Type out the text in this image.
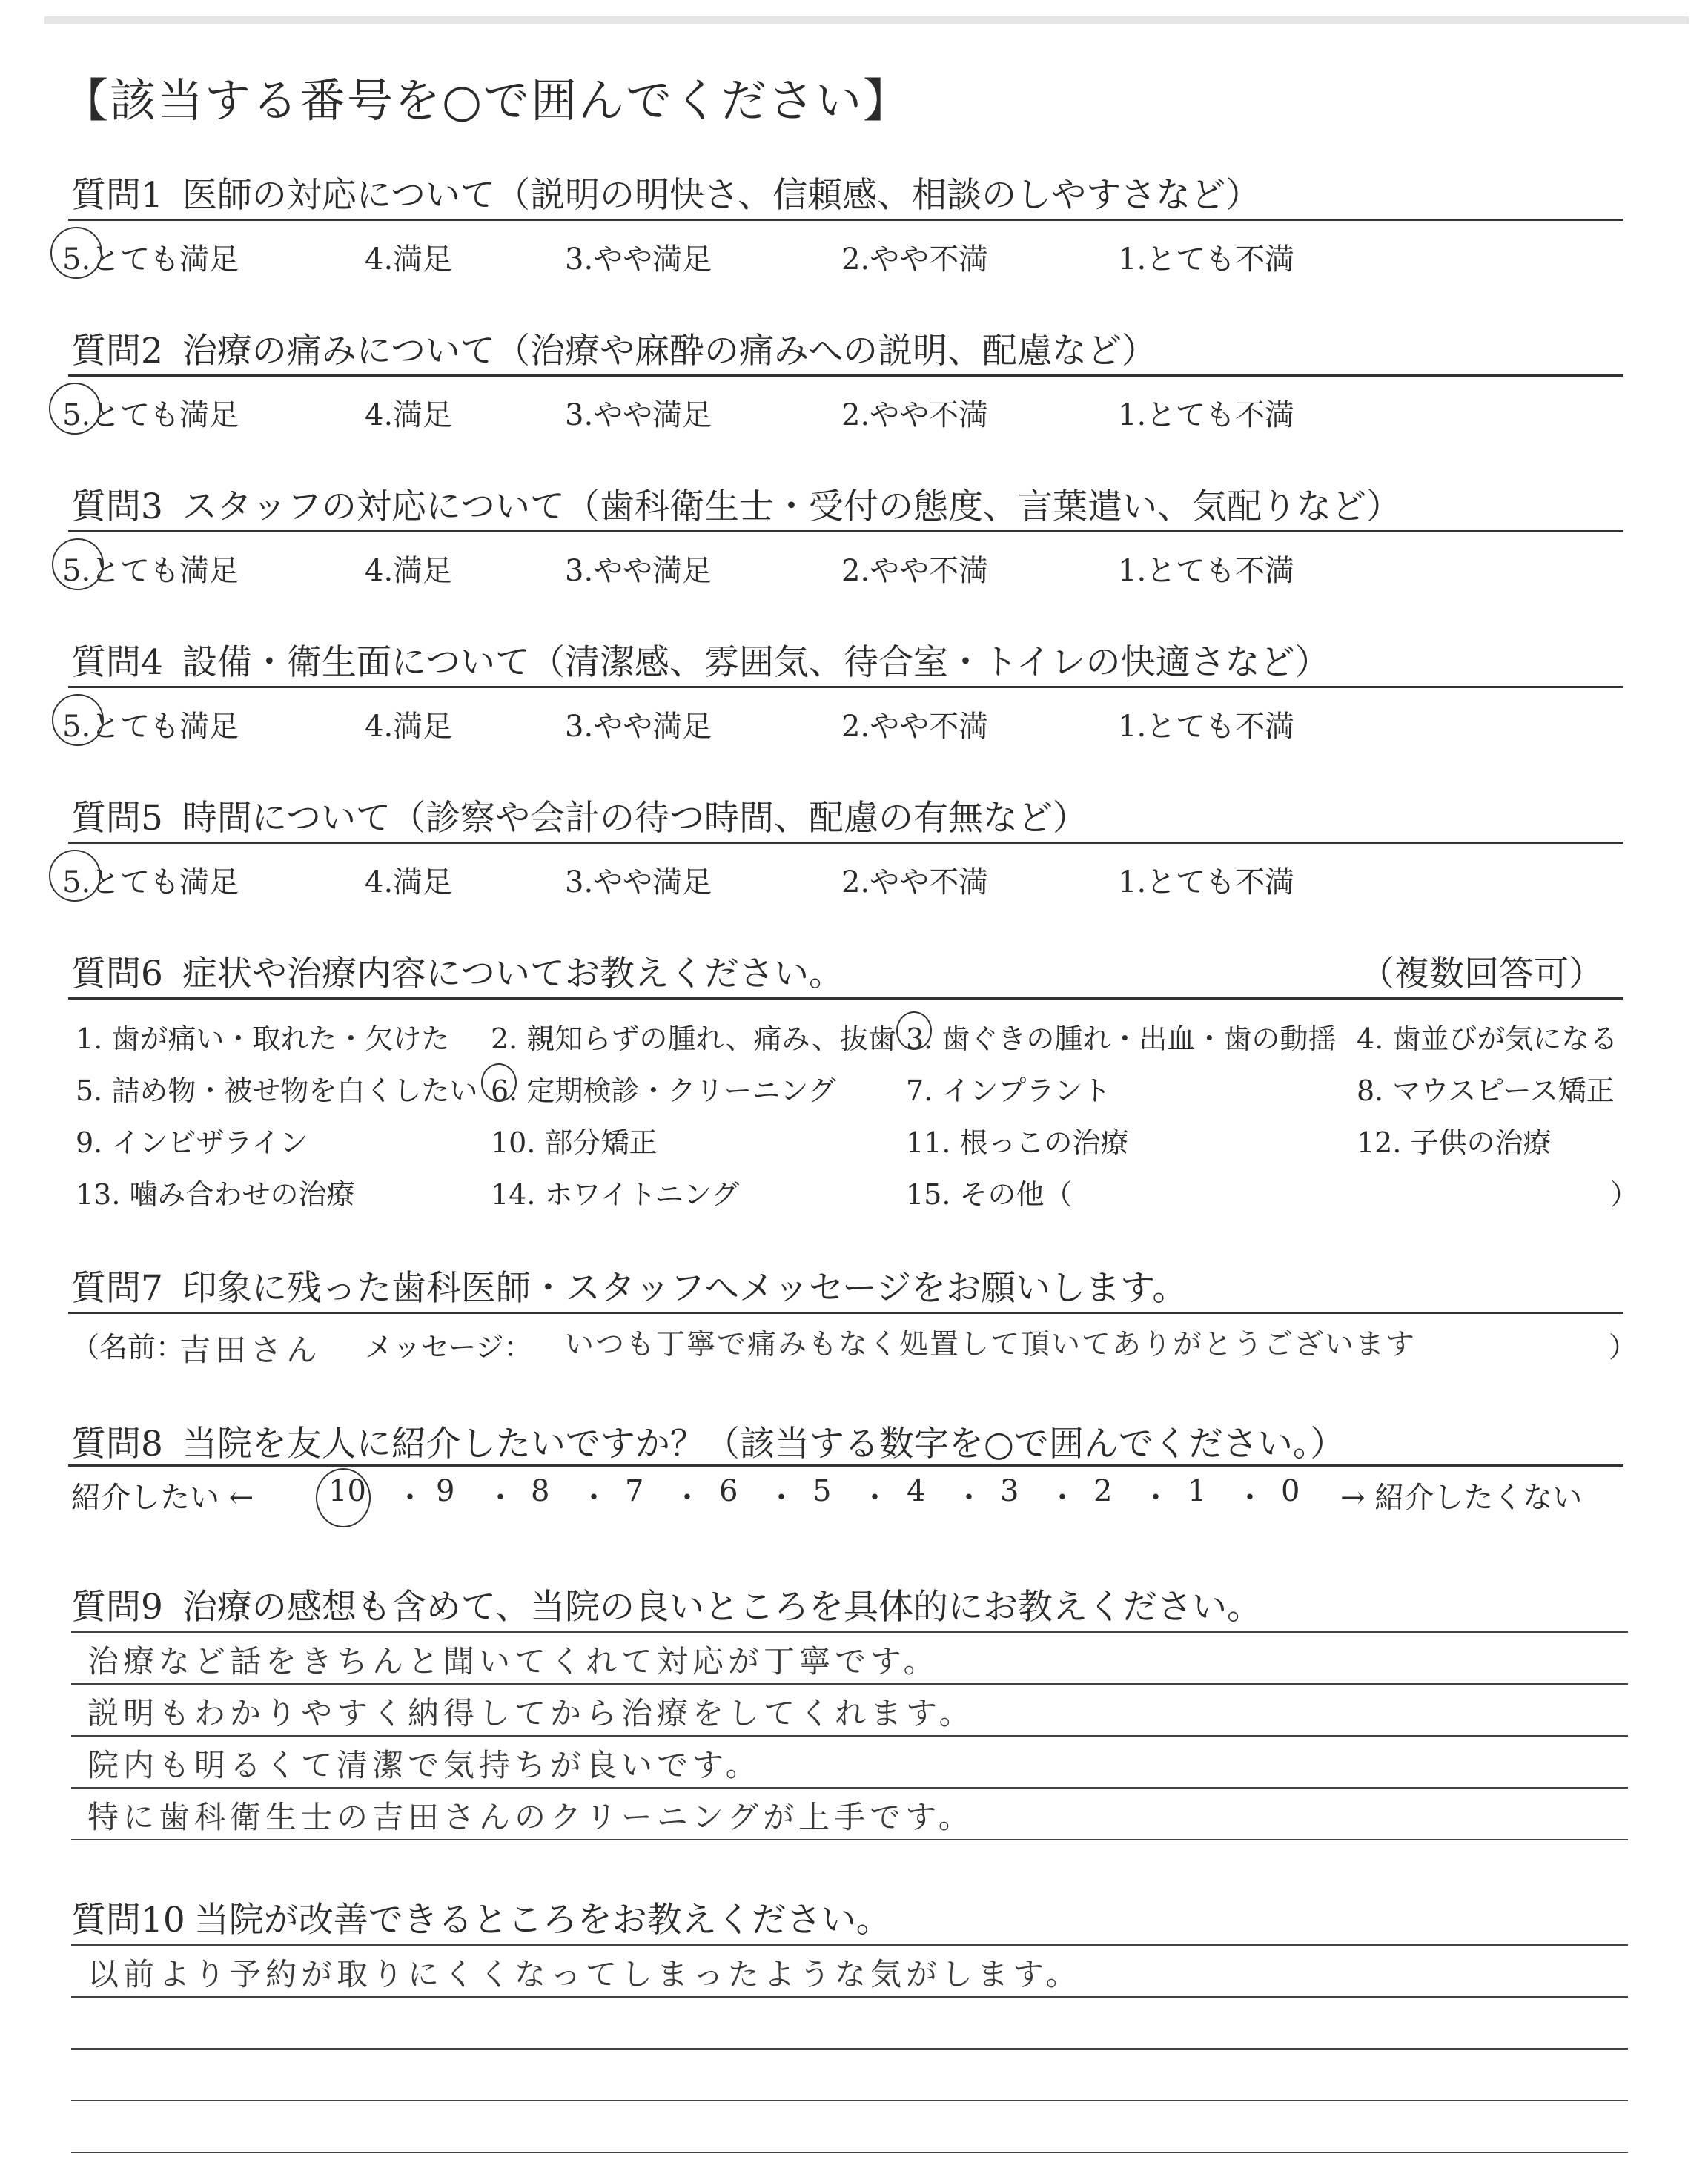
【該当する番号を○で囲んでください】
質問1 医師の対応について（説明の明快さ、信頼感、相談のしやすさなど）
5.とても満足	4.満足	3.やや満足	2.やや不満	1.とても不満
質問2 治療の痛みについて（治療や麻酔の痛みへの説明、配慮など）
5.とても満足	4.満足	3.やや満足	2.やや不満	1.とても不満
質問3 スタッフの対応について（歯科衛生士・受付の態度、言葉遣い、気配りなど）
5.とても満足	4.満足	3.やや満足	2.やや不満	1.とても不満
質問4 設備・衛生面について（清潔感、雰囲気、待合室・トイレの快適さなど）
5.とても満足	4.満足	3.やや満足	2.やや不満	1.とても不満
質問5 時間について（診察や会計の待つ時間、配慮の有無など）
5.とても満足	4.満足	3.やや満足	2.やや不満	1.とても不満
質問6 症状や治療内容についてお教えください。	（複数回答可）
1. 歯が痛い・取れた・欠けた 2. 親知らずの腫れ、痛み、抜歯 3. 歯ぐきの腫れ・出血・歯の動揺 4. 歯並びが気になる
5. 詰め物・被せ物を白くしたい 6. 定期検診・クリーニング 7. インプラント	8. マウスピース矯正
9. インビザライン	10. 部分矯正	11. 根っこの治療	12. 子供の治療
13. 噛み合わせの治療	14. ホワイトニング	15. その他（	）
質問7 印象に残った歯科医師・スタッフへメッセージをお願いします。
（名前：
吉田さん メッセージ： いつも丁寧で痛みもなく処置して頂いてありがとうございます	）
質問8 当院を友人に紹介したいですか？（該当する数字を○で囲んでください。）
紹介したい ←	10 ・ 9 ・ 8 ・ 7 ・ 6 ・ 5 ・ 4 ・ 3 ・ 2 ・ 1 ・ 0 → 紹介したくない
質問9 治療の感想も含めて、当院の良いところを具体的にお教えください。
治療など話をきちんと聞いてくれて対応が丁寧です。
説明もわかりやすく納得してから治療をしてくれます。
院内も明るくて清潔で気持ちが良いです。
特に歯科衛生士の吉田さんのクリーニングが上手です。
質問10 当院が改善できるところをお教えください。
以前より予約が取りにくくなってしまったような気がします。
